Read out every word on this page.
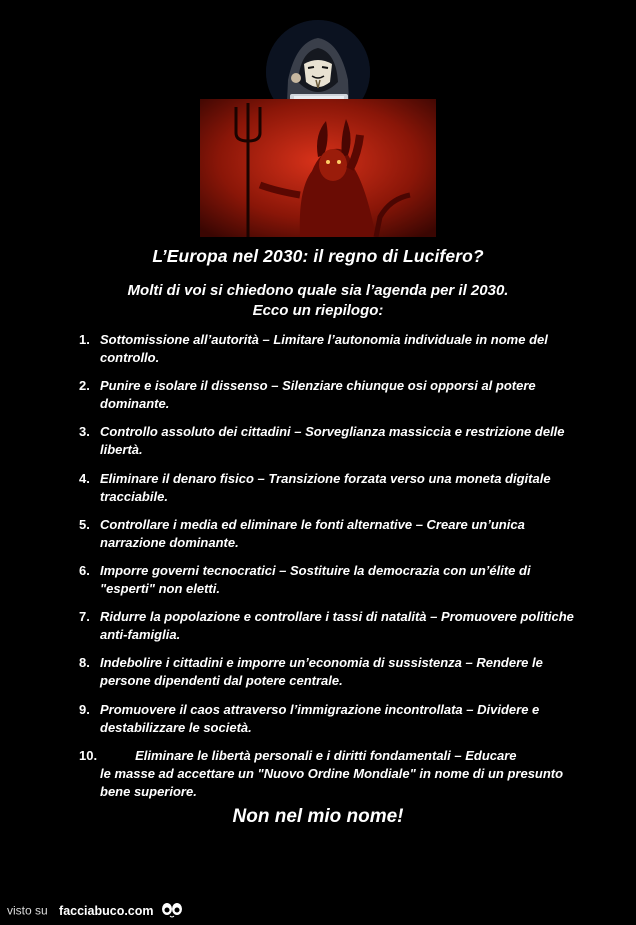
L’Europa nel 2030: il regno di Lucifero?
Molti di voi si chiedono quale sia l’agenda per il 2030.
Ecco un riepilogo:
1. Sottomissione all’autorità – Limitare l’autonomia individuale in nome del controllo.
2. Punire e isolare il dissenso – Silenziare chiunque osi opporsi al potere dominante.
3. Controllo assoluto dei cittadini – Sorveglianza massiccia e restrizione delle libertà.
4. Eliminare il denaro fisico – Transizione forzata verso una moneta digitale tracciabile.
5. Controllare i media ed eliminare le fonti alternative – Creare un’unica narrazione dominante.
6. Imporre governi tecnocratici – Sostituire la democrazia con un’élite di "esperti" non eletti.
7. Ridurre la popolazione e controllare i tassi di natalità – Promuovere politiche anti-famiglia.
8. Indebolire i cittadini e imporre un’economia di sussistenza – Rendere le persone dipendenti dal potere centrale.
9. Promuovere il caos attraverso l’immigrazione incontrollata – Dividere e destabilizzare le società.
10.	Eliminare le libertà personali e i diritti fondamentali – Educare
le masse ad accettare un "Nuovo Ordine Mondiale" in nome di un presunto bene superiore.
Non nel mio nome!
visto su facciabuco.com
